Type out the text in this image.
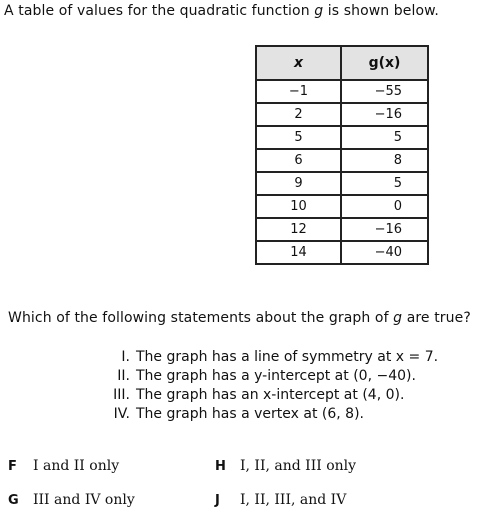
A table of values for the quadratic function g is shown below.
x	g(x)
−1	−55
2	−16
5	5
6	8
9	5
10	0
12	−16
14	−40
Which of the following statements about the graph of g are true?
I. The graph has a line of symmetry at x = 7.
II. The graph has a y-intercept at (0, −40).
III. The graph has an x-intercept at (4, 0).
IV. The graph has a vertex at (6, 8).
F I and II only	H I, II, and III only
G III and IV only	J I, II, III, and IV
